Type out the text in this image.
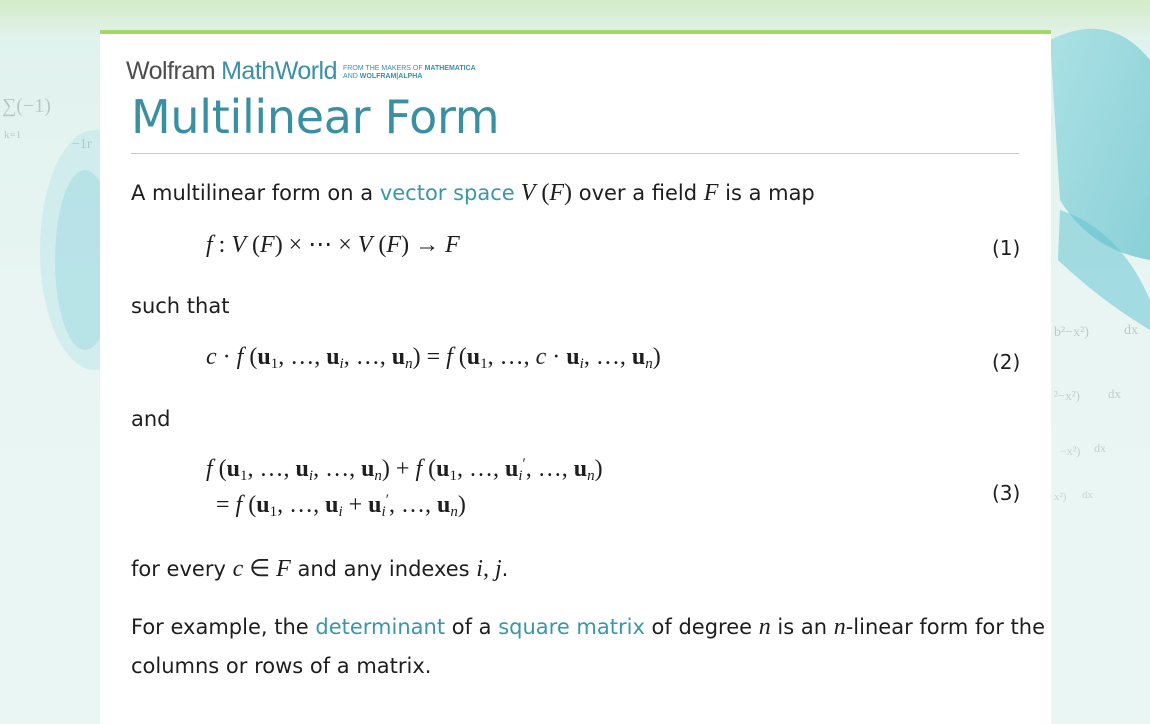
∑(−1)
k=1
−1r
b²−x²)	dx
²−x²) dx
−x²) dx
x²) dx
Wolfram MathWorld FROM THE MAKERS OF MATHEMATICA
AND WOLFRAM|ALPHA
Multilinear Form

A multilinear form on a vector space V (F) over a field F is a map

f : V (F) × ⋯ × V (F) → F	(1)

such that

c · f ($u_1$, …, $u_i$, …, $u_n) = f$ ($u_1$, …, $c \cdot u_i$, …, $u_n$)	(2)

and

f ($u_1$, …, $u_i$, …, $u_n) + f$ ($u_1$, …, $u_i'$, …, $u_n$)
= f ($u_1$, …, $u_i + u_i'$, …, $u_n$)	(3)

for every c ∈ F and any indexes i, j.

For example, the determinant of a square matrix of degree n is an n-linear form for the

columns or rows of a matrix.
